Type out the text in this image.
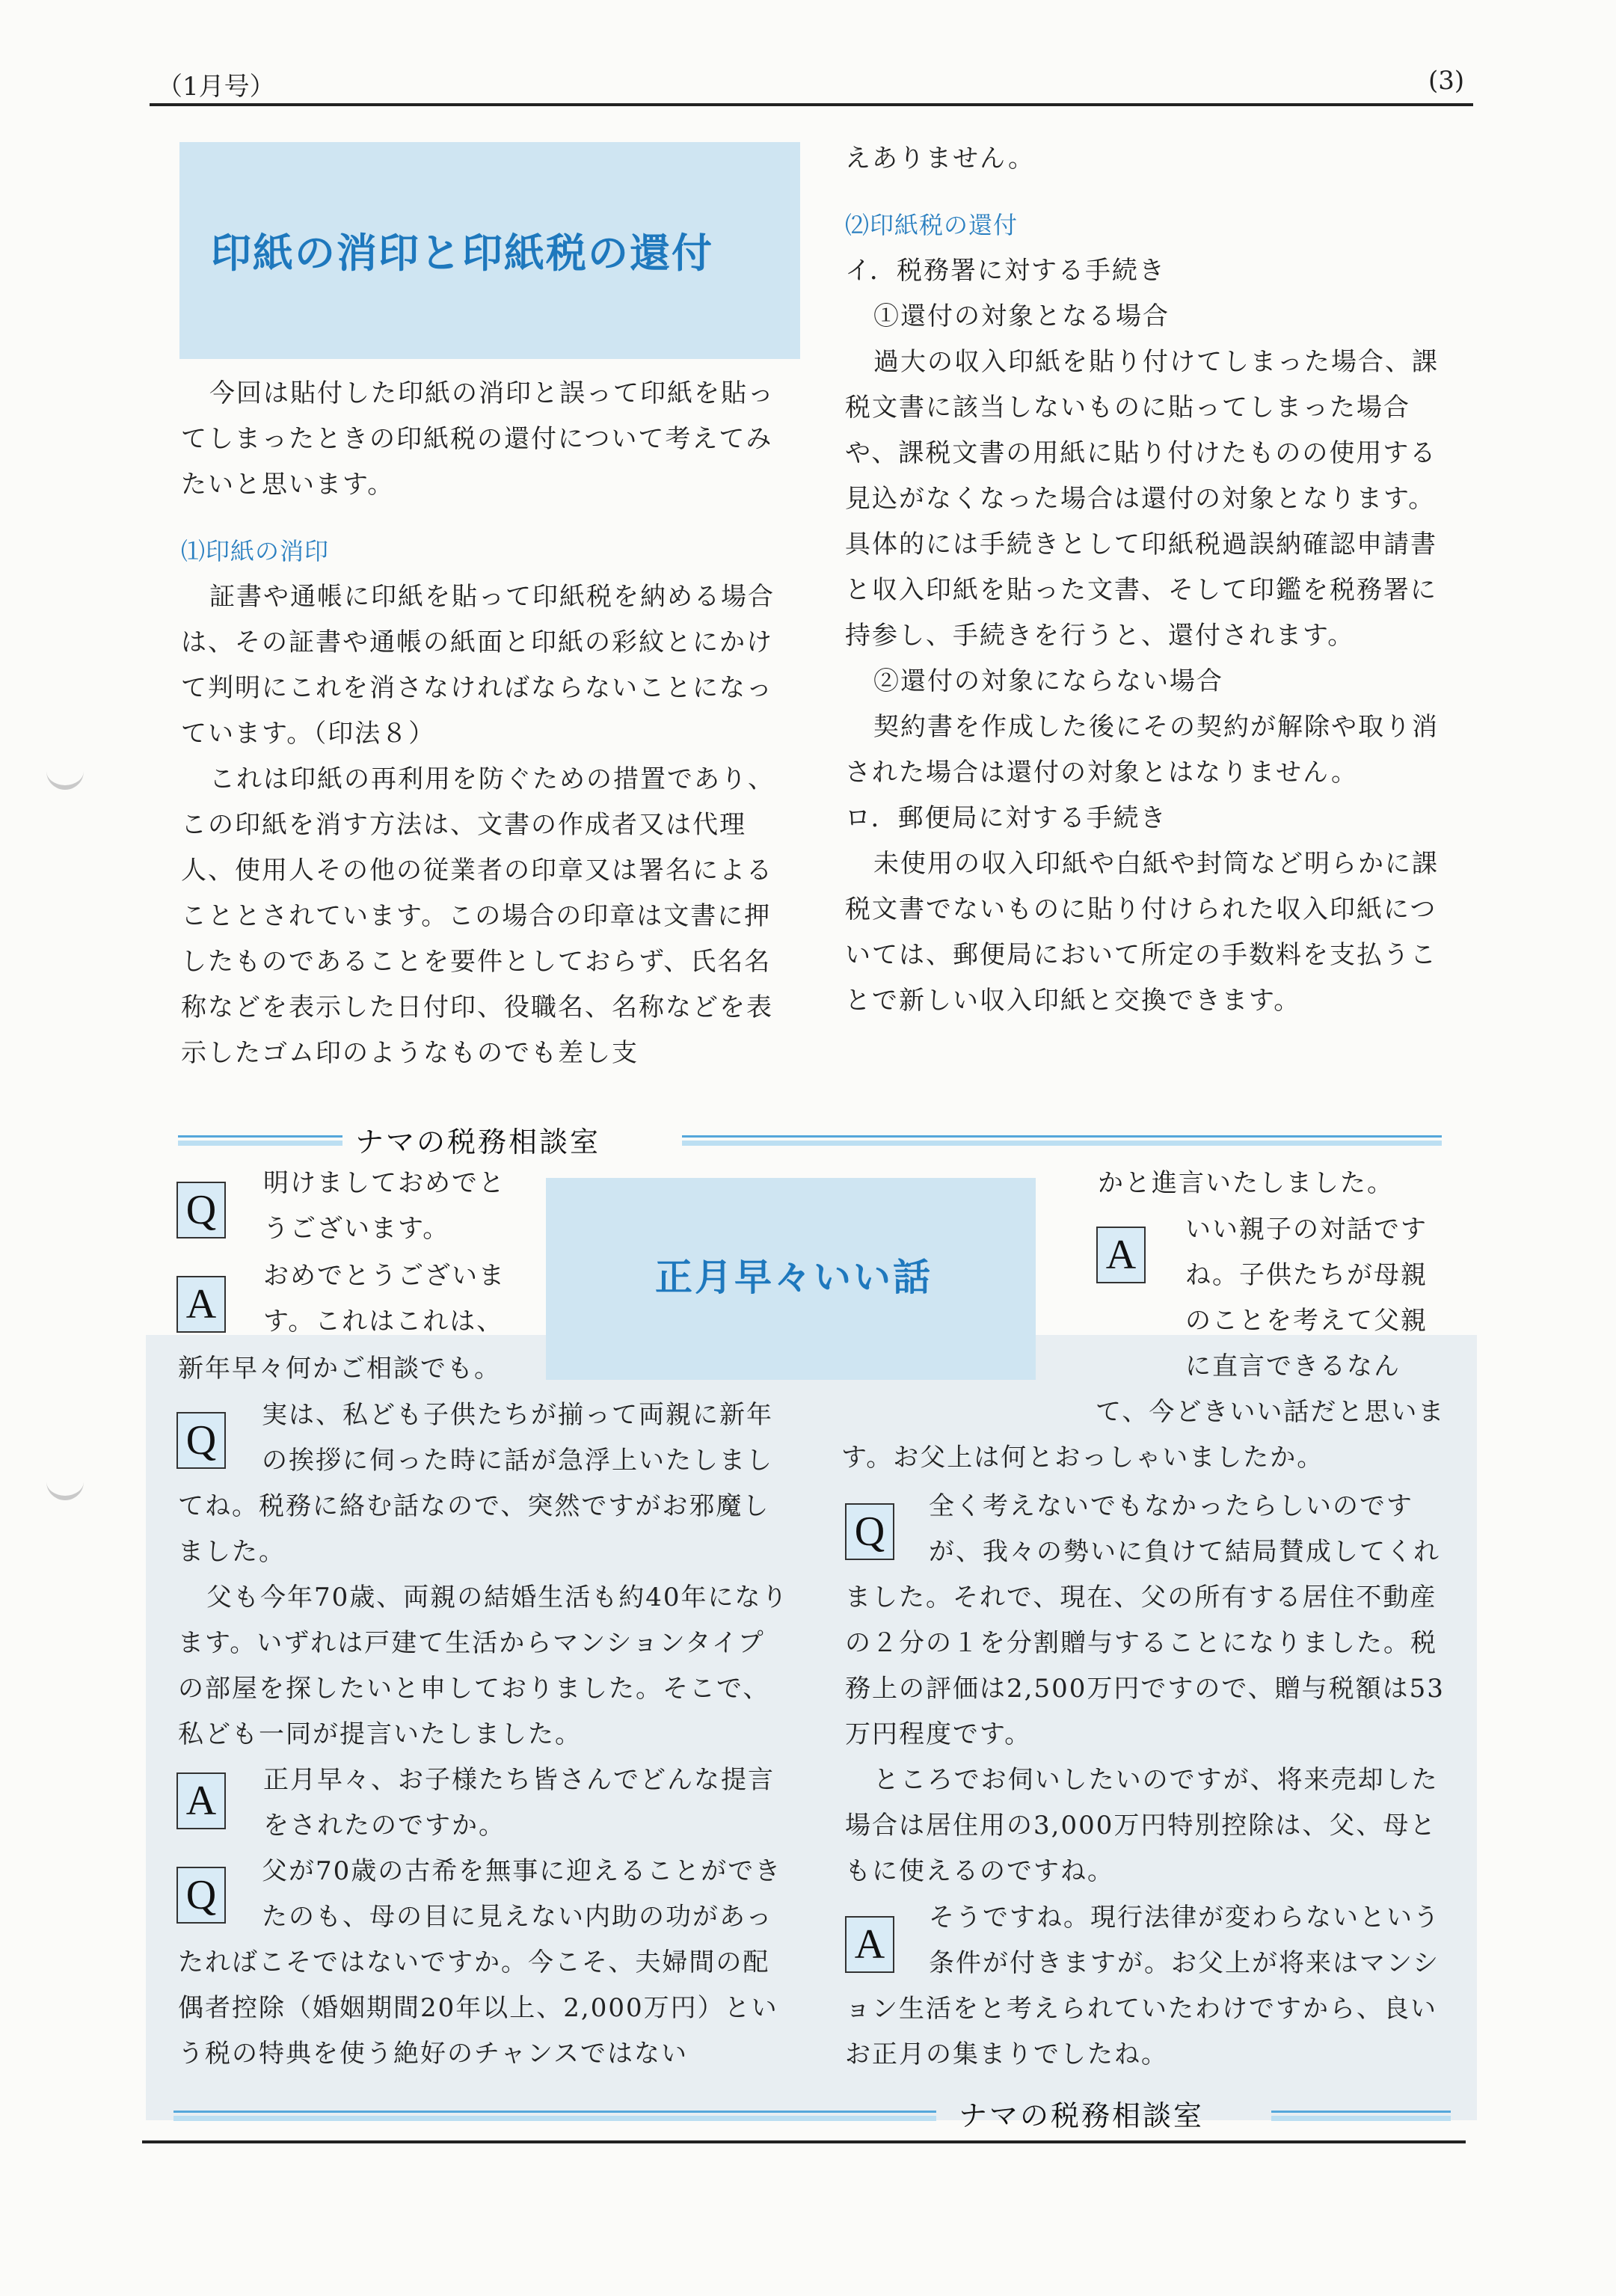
（1月号）	(3)
印紙の消印と印紙税の還付

今回は貼付した印紙の消印と誤って印紙を貼ってしまったときの印紙税の還付について考えてみたいと思います。

⑴印紙の消印

証書や通帳に印紙を貼って印紙税を納める場合は、その証書や通帳の紙面と印紙の彩紋とにかけて判明にこれを消さなければならないことになっています。（印法８）

これは印紙の再利用を防ぐための措置であり、この印紙を消す方法は、文書の作成者又は代理人、使用人その他の従業者の印章又は署名によることとされています。この場合の印章は文書に押したものであることを要件としておらず、氏名名称などを表示した日付印、役職名、名称などを表示したゴム印のようなものでも差し支

えありません。

⑵印紙税の還付

イ．税務署に対する手続き

①還付の対象となる場合

過大の収入印紙を貼り付けてしまった場合、課税文書に該当しないものに貼ってしまった場合や、課税文書の用紙に貼り付けたものの使用する見込がなくなった場合は還付の対象となります。具体的には手続きとして印紙税過誤納確認申請書と収入印紙を貼った文書、そして印鑑を税務署に持参し、手続きを行うと、還付されます。

②還付の対象にならない場合

契約書を作成した後にその契約が解除や取り消された場合は還付の対象とはなりません。

ロ．郵便局に対する手続き

未使用の収入印紙や白紙や封筒など明らかに課税文書でないものに貼り付けられた収入印紙については、郵便局において所定の手数料を支払うことで新しい収入印紙と交換できます。

ナマの税務相談室
正月早々いい話
Q

明けましておめでとうございます。

A

おめでとうございます。これはこれは、

新年早々何かご相談でも。

Q

実は、私ども子供たちが揃って両親に新年の挨拶に伺った時に話が急浮上いたしましてね。税務に絡む話なので、突然ですがお邪魔しました。

父も今年70歳、両親の結婚生活も約40年になります。いずれは戸建て生活からマンションタイプの部屋を探したいと申しておりました。そこで、私ども一同が提言いたしました。

A	正月早々、お子様たち皆さんでどんな提言をされたのですか。

Q

父が70歳の古希を無事に迎えることができたのも、母の目に見えない内助の功があったればこそではないですか。今こそ、夫婦間の配偶者控除（婚姻期間20年以上、2,000万円）という税の特典を使う絶好のチャンスではない

かと進言いたしました。

A

いい親子の対話ですね。子供たちが母親のことを考えて父親に直言できるなんて、今どきいい話だと思います。お父上は何とおっしゃいましたか。

Q

全く考えないでもなかったらしいのですが、我々の勢いに負けて結局賛成してくれました。それで、現在、父の所有する居住不動産の２分の１を分割贈与することになりました。税務上の評価は2,500万円ですので、贈与税額は53万円程度です。

ところでお伺いしたいのですが、将来売却した場合は居住用の3,000万円特別控除は、父、母ともに使えるのですね。

A

そうですね。現行法律が変わらないという条件が付きますが。お父上が将来はマンション生活をと考えられていたわけですから、良いお正月の集まりでしたね。

ナマの税務相談室
